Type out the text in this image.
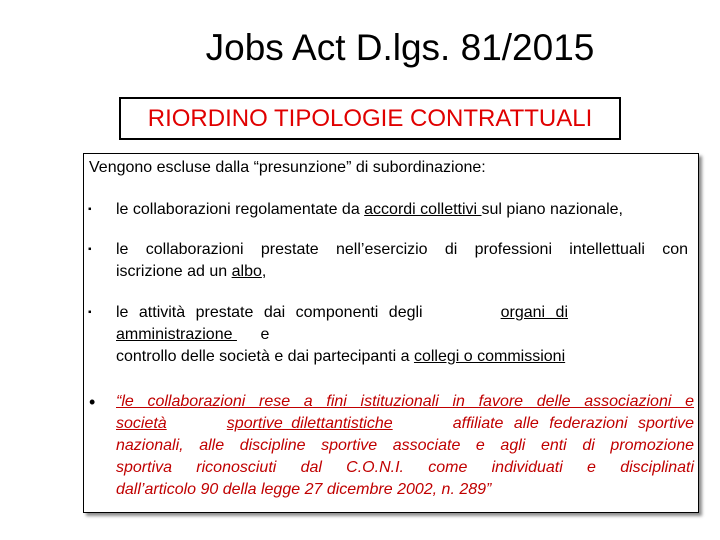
Jobs Act D.lgs. 81/2015
RIORDINO TIPOLOGIE CONTRATTUALI
Vengono escluse dalla “presunzione” di subordinazione:
▪ le collaborazioni regolamentate da accordi collettivi sul piano nazionale,
▪ le collaborazioni prestate nell’esercizio di professioni intellettuali con
iscrizione ad un albo,
▪ le attività prestate dai componenti degli	organi di
amministrazione e
controllo delle società e dai partecipanti a collegi o commissioni
• “le collaborazioni rese a fini istituzionali in favore delle associazioni e
società	sportive dilettantistiche	affiliate alle federazioni sportive
nazionali, alle discipline sportive associate e agli enti di promozione
sportiva riconosciuti dal C.O.N.I. come individuati e disciplinati
dall’articolo 90 della legge 27 dicembre 2002, n. 289”
